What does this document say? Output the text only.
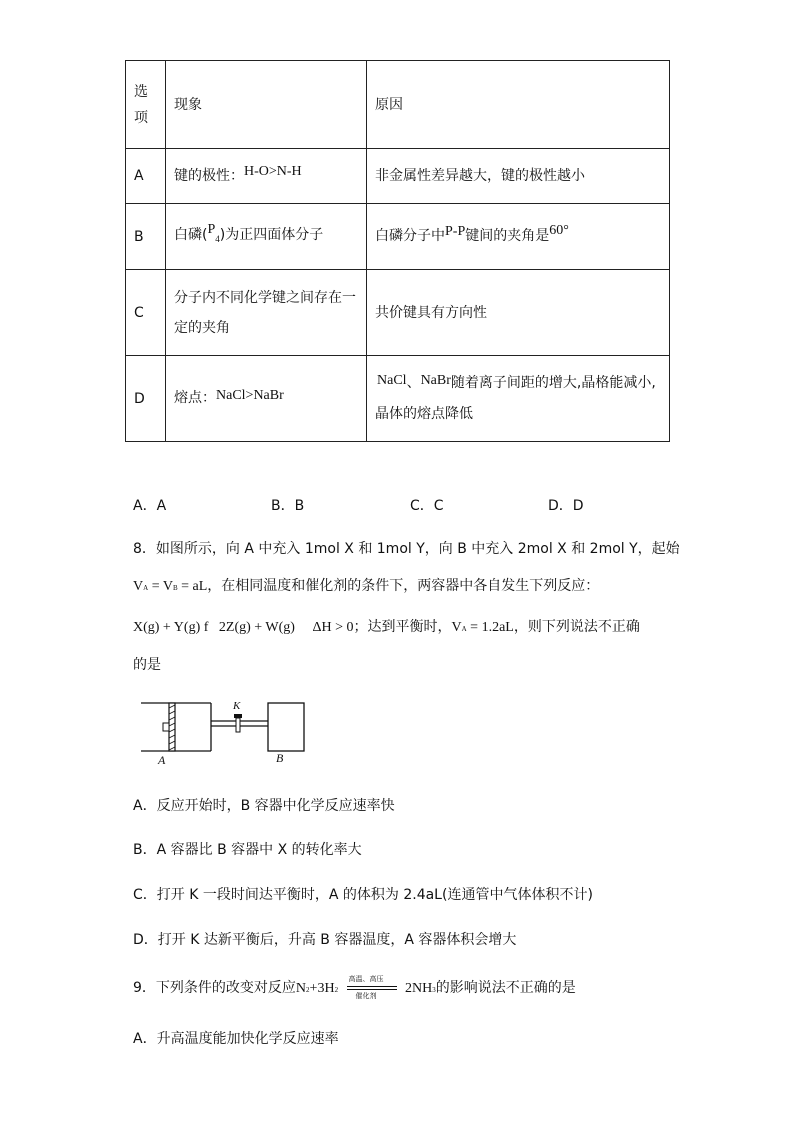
选项	现象	原因
A	键的极性：H-O>N-H	非金属性差异越大，键的极性越小
B	白磷$(P_4)$为正四面体分子	白磷分子中P-P键间的夹角是60°
C	分子内不同化学键之间存在一定的夹角	共价键具有方向性
D	熔点：NaCl>NaBr	NaCl、NaBr随着离子间距的增大,晶格能减小,晶体的熔点降低
A．A	B．B	C．C	D．D
8．如图所示，向 A 中充入 1mol X 和 1mol Y，向 B 中充入 2mol X 和 2mol Y，起始
VA = VB = aL，在相同温度和催化剂的条件下，两容器中各自发生下列反应：
X(g) + Y(g) f   2Z(g) + W(g)     ΔH > 0；达到平衡时，VA = 1.2aL，则下列说法不正确
的是
K
A	B
A．反应开始时，B 容器中化学反应速率快
B．A 容器比 B 容器中 X 的转化率大
C．打开 K 一段时间达平衡时，A 的体积为 2.4aL(连通管中气体体积不计)
D．打开 K 达新平衡后，升高 B 容器温度，A 容器体积会增大
9．下列条件的改变对反应N2+3H2
高温、高压
催化剂 2NH3的影响说法不正确的是
A．升高温度能加快化学反应速率
